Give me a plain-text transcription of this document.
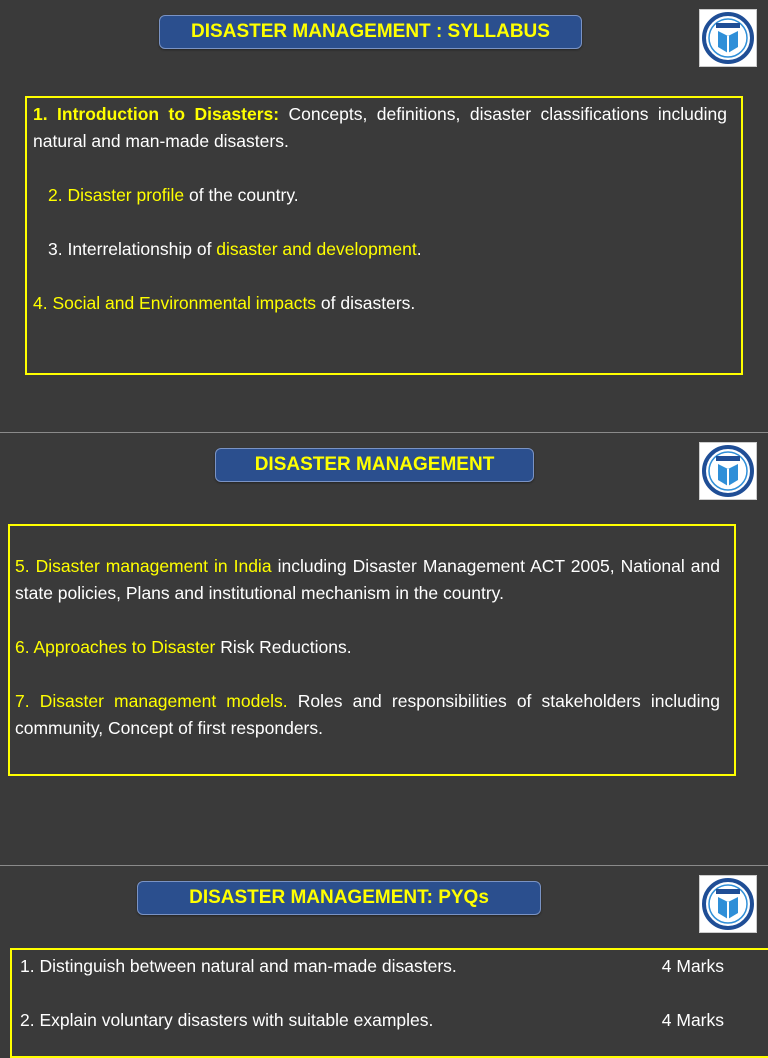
DISASTER MANAGEMENT : SYLLABUS

1. Introduction to Disasters: Concepts, definitions, disaster classifications including natural and man-made disasters.

2. Disaster profile of the country.

3. Interrelationship of disaster and development.

4. Social and Environmental impacts of disasters.

DISASTER MANAGEMENT

5. Disaster management in India including Disaster Management ACT 2005, National and state policies, Plans and institutional mechanism in the country.

6. Approaches to Disaster Risk Reductions.

7. Disaster management models. Roles and responsibilities of stakeholders including community, Concept of first responders.

DISASTER MANAGEMENT: PYQs
1. Distinguish between natural and man-made disasters.	4 Marks
2. Explain voluntary disasters with suitable examples.	4 Marks
